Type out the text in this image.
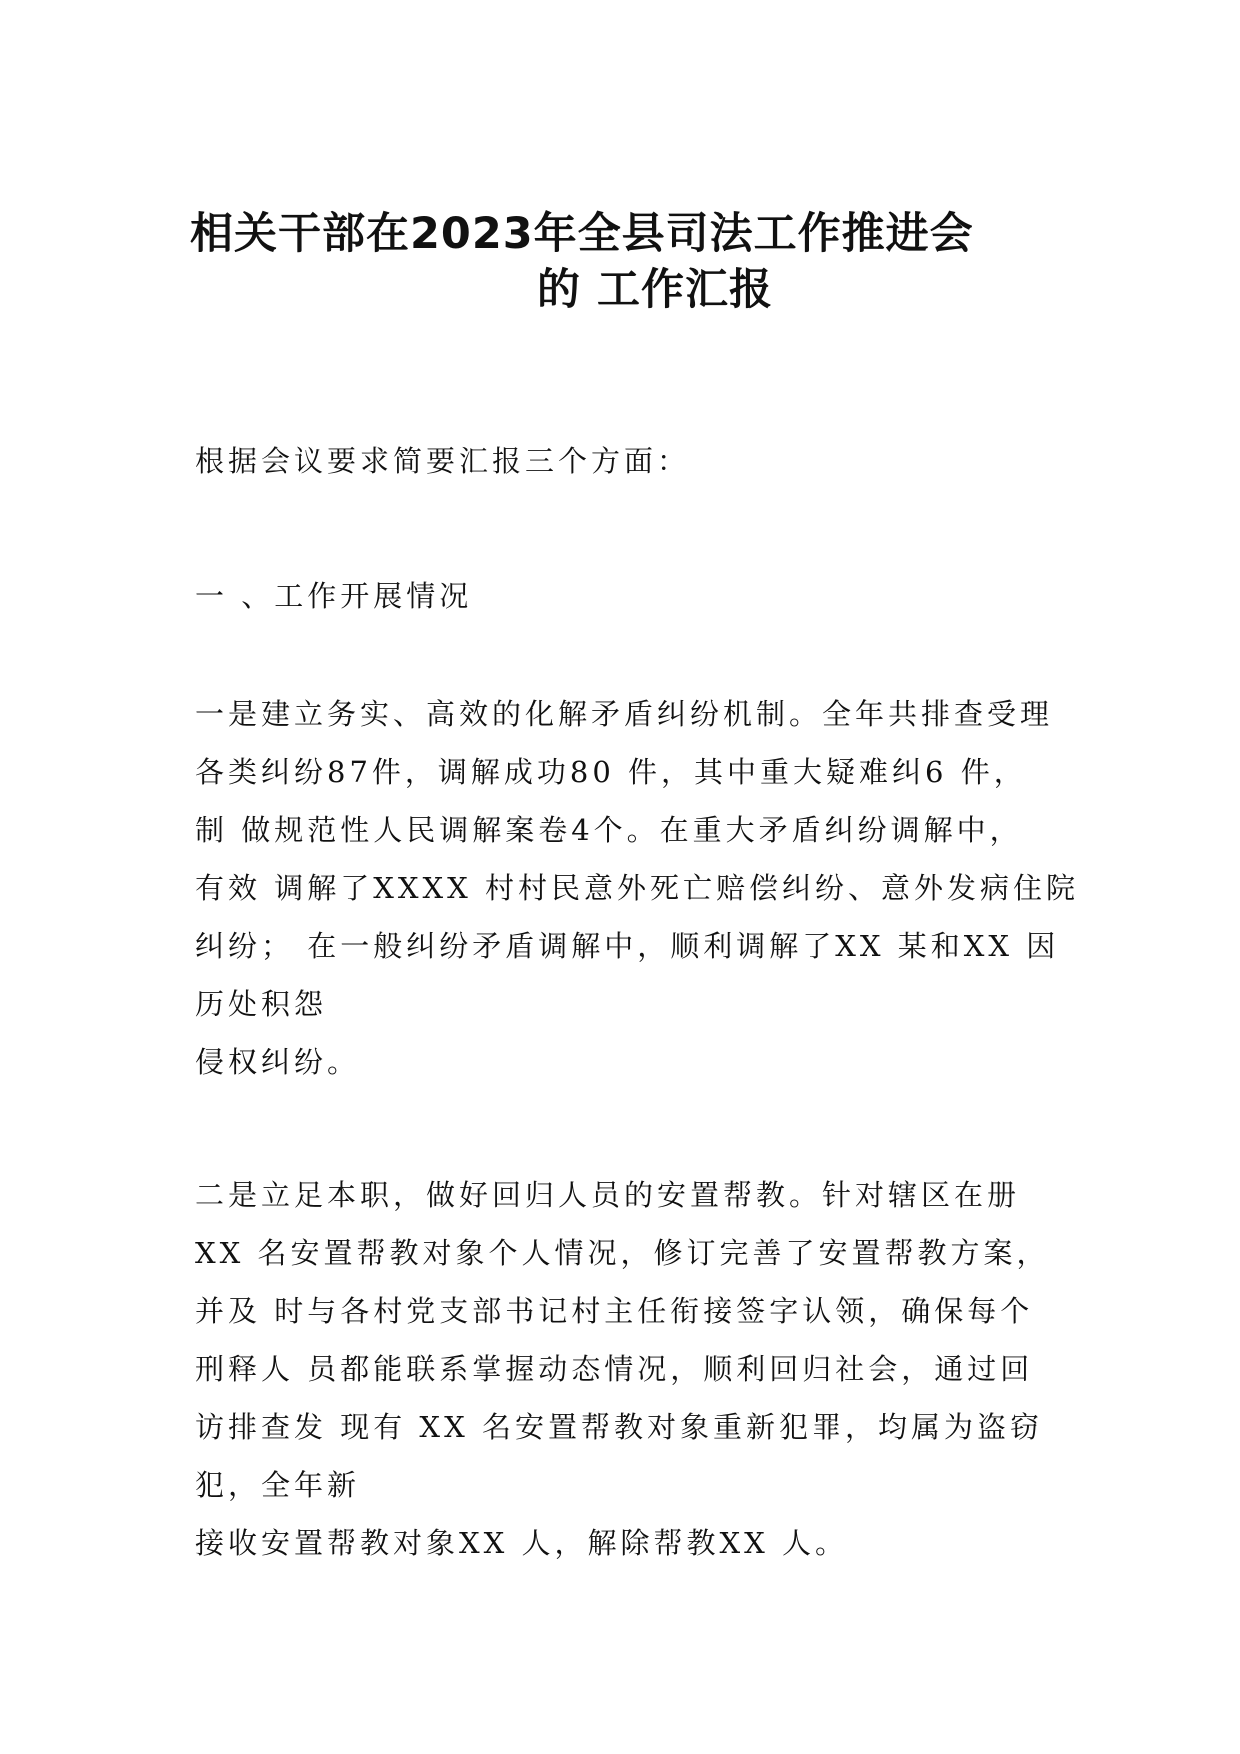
相关干部在2023年全县司法工作推进会
的 工作汇报
根据会议要求简要汇报三个方面：
一 、工作开展情况
一是建立务实、高效的化解矛盾纠纷机制。全年共排查受理
各类纠纷87件，调解成功80 件，其中重大疑难纠6 件，
制 做规范性人民调解案卷4个。在重大矛盾纠纷调解中，
有效 调解了XXXX 村村民意外死亡赔偿纠纷、意外发病住院
纠纷； 在一般纠纷矛盾调解中，顺利调解了XX 某和XX 因
历处积怨
侵权纠纷。
二是立足本职，做好回归人员的安置帮教。针对辖区在册
XX 名安置帮教对象个人情况，修订完善了安置帮教方案，
并及 时与各村党支部书记村主任衔接签字认领，确保每个
刑释人 员都能联系掌握动态情况，顺利回归社会，通过回
访排查发 现有 XX 名安置帮教对象重新犯罪，均属为盗窃
犯，全年新
接收安置帮教对象XX 人，解除帮教XX 人。
